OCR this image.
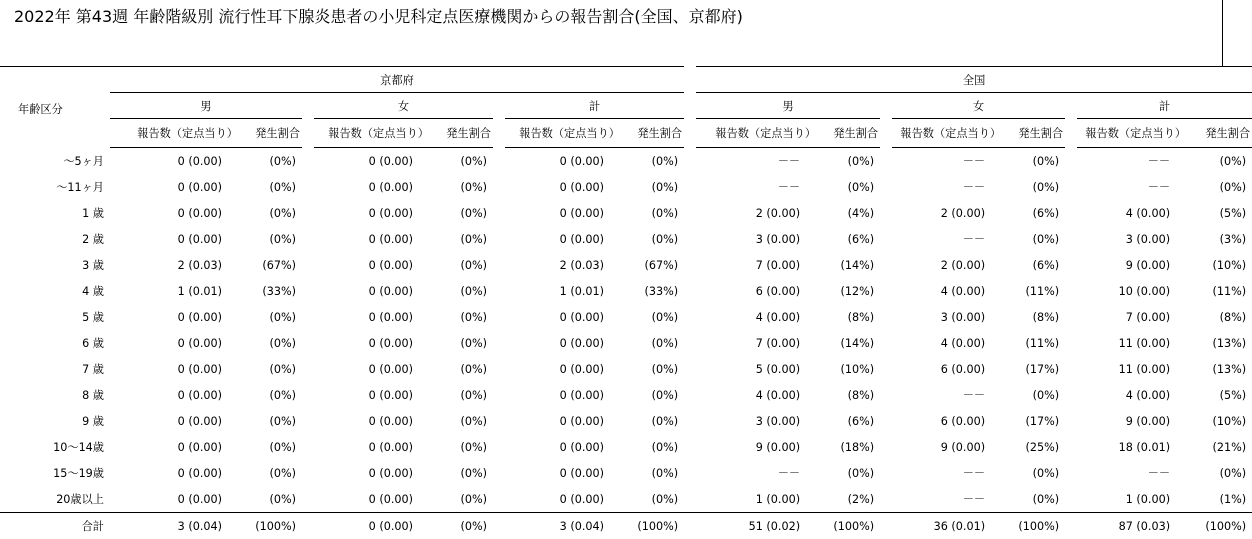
2022年 第43週 年齢階級別 流行性耳下腺炎患者の小児科定点医療機関からの報告割合(全国、京都府)
	京都府									全国							
年齢区分	男			女			計			男			女			計	
	報告数（定点当り）	発生割合		報告数（定点当り）	発生割合		報告数（定点当り）	発生割合		報告数（定点当り）	発生割合		報告数（定点当り）	発生割合		報告数（定点当り）	発生割合
～5ヶ月	0 (0.00)	(0%)		0 (0.00)	(0%)		0 (0.00)	(0%)		－－	(0%)		－－	(0%)		－－	(0%)
～11ヶ月	0 (0.00)	(0%)		0 (0.00)	(0%)		0 (0.00)	(0%)		－－	(0%)		－－	(0%)		－－	(0%)
1 歳	0 (0.00)	(0%)		0 (0.00)	(0%)		0 (0.00)	(0%)		2 (0.00)	(4%)		2 (0.00)	(6%)		4 (0.00)	(5%)
2 歳	0 (0.00)	(0%)		0 (0.00)	(0%)		0 (0.00)	(0%)		3 (0.00)	(6%)		－－	(0%)		3 (0.00)	(3%)
3 歳	2 (0.03)	(67%)		0 (0.00)	(0%)		2 (0.03)	(67%)		7 (0.00)	(14%)		2 (0.00)	(6%)		9 (0.00)	(10%)
4 歳	1 (0.01)	(33%)		0 (0.00)	(0%)		1 (0.01)	(33%)		6 (0.00)	(12%)		4 (0.00)	(11%)		10 (0.00)	(11%)
5 歳	0 (0.00)	(0%)		0 (0.00)	(0%)		0 (0.00)	(0%)		4 (0.00)	(8%)		3 (0.00)	(8%)		7 (0.00)	(8%)
6 歳	0 (0.00)	(0%)		0 (0.00)	(0%)		0 (0.00)	(0%)		7 (0.00)	(14%)		4 (0.00)	(11%)		11 (0.00)	(13%)
7 歳	0 (0.00)	(0%)		0 (0.00)	(0%)		0 (0.00)	(0%)		5 (0.00)	(10%)		6 (0.00)	(17%)		11 (0.00)	(13%)
8 歳	0 (0.00)	(0%)		0 (0.00)	(0%)		0 (0.00)	(0%)		4 (0.00)	(8%)		－－	(0%)		4 (0.00)	(5%)
9 歳	0 (0.00)	(0%)		0 (0.00)	(0%)		0 (0.00)	(0%)		3 (0.00)	(6%)		6 (0.00)	(17%)		9 (0.00)	(10%)
10～14歳	0 (0.00)	(0%)		0 (0.00)	(0%)		0 (0.00)	(0%)		9 (0.00)	(18%)		9 (0.00)	(25%)		18 (0.01)	(21%)
15～19歳	0 (0.00)	(0%)		0 (0.00)	(0%)		0 (0.00)	(0%)		－－	(0%)		－－	(0%)		－－	(0%)
20歳以上	0 (0.00)	(0%)		0 (0.00)	(0%)		0 (0.00)	(0%)		1 (0.00)	(2%)		－－	(0%)		1 (0.00)	(1%)
合計	3 (0.04)	(100%)		0 (0.00)	(0%)		3 (0.04)	(100%)		51 (0.02)	(100%)		36 (0.01)	(100%)		87 (0.03)	(100%)
